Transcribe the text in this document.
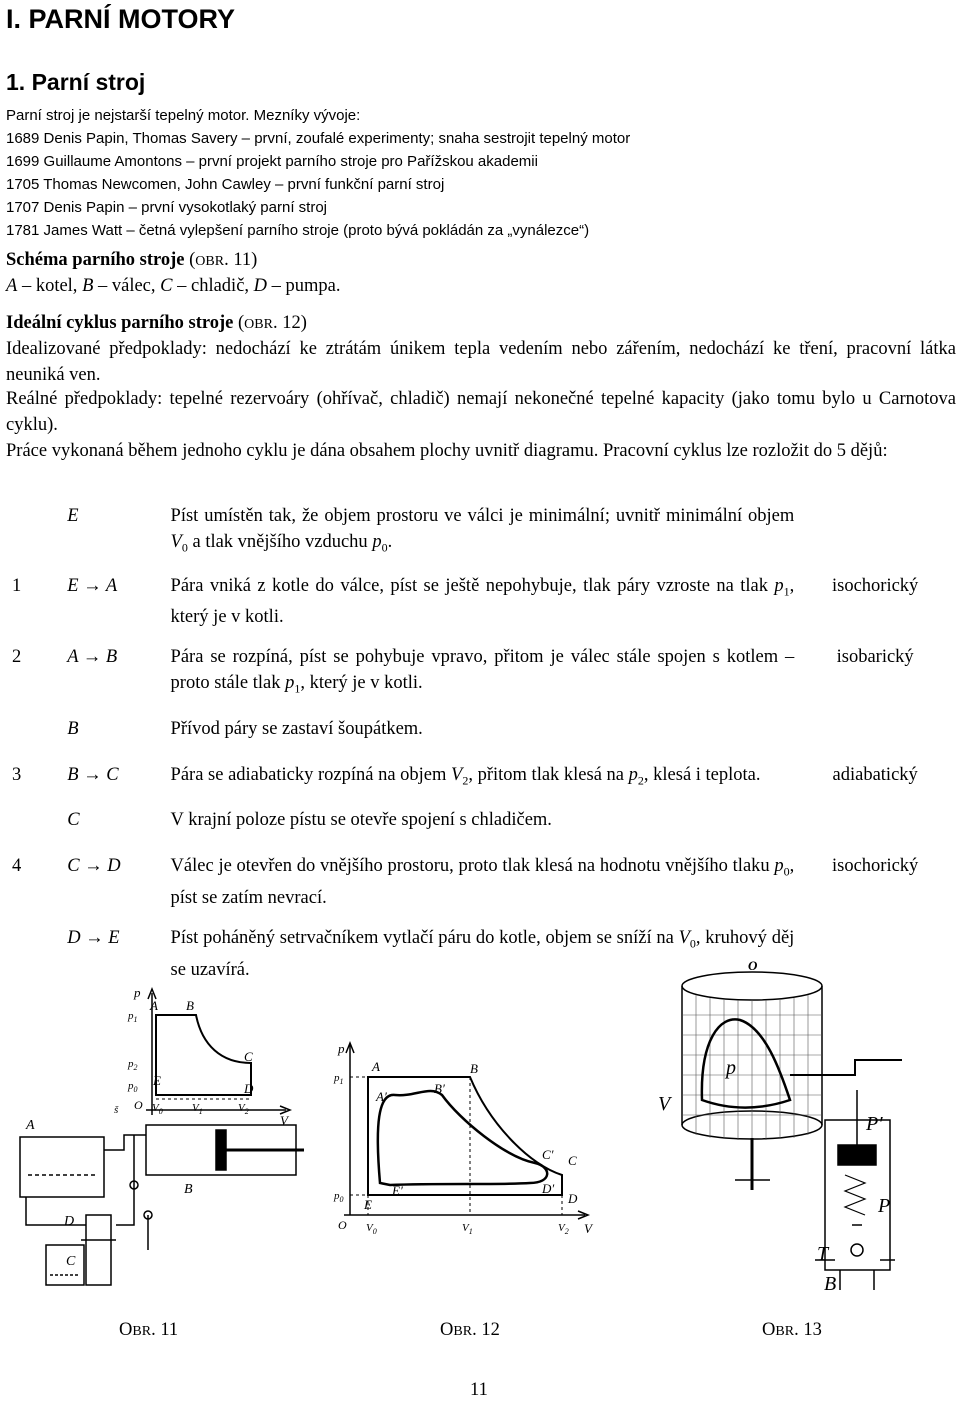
I. PARNÍ MOTORY
1. Parní stroj
Parní stroj je nejstarší tepelný motor. Mezníky vývoje:
1689 Denis Papin, Thomas Savery – první, zoufalé experimenty; snaha sestrojit tepelný motor
1699 Guillaume Amontons – první projekt parního stroje pro Pařížskou akademii
1705 Thomas Newcomen, John Cawley – první funkční parní stroj
1707 Denis Papin – první vysokotlaký parní stroj
1781 James Watt – četná vylepšení parního stroje (proto bývá pokládán za „vynálezce“)
Schéma parního stroje (OBR. 11)
A – kotel, B – válec, C – chladič, D – pumpa.
Ideální cyklus parního stroje (OBR. 12)
Idealizované předpoklady: nedochází ke ztrátám únikem tepla vedením nebo zářením, nedochází ke tření, pracovní látka neuniká ven.
Reálné předpoklady: tepelné rezervoáry (ohřívač, chladič) nemají nekonečné tepelné kapacity (jako tomu bylo u Carnotova cyklu).
Práce vykonaná během jednoho cyklu je dána obsahem plochy uvnitř diagramu. Pracovní cyklus lze rozložit do 5 dějů:
	E	Píst umístěn tak, že objem prostoru ve válci je minimální; uvnitř minimální objem $V_0$ a tlak vnějšího vzduchu $p_0$.	
1	E → A	Pára vniká z kotle do válce, píst se ještě nepohybuje, tlak páry vzroste na tlak $p_1$, který je v kotli.	isochorický
2	A → B	Pára se rozpíná, píst se pohybuje vpravo, přitom je válec stále spojen s kotlem – proto stále tlak $p_1$, který je v kotli.	isobarický
	B	Přívod páry se zastaví šoupátkem.	
3	B → C	Pára se adiabaticky rozpíná na objem $V_2$, přitom tlak klesá na $p_2$, klesá i teplota.	adiabatický
	C	V krajní poloze pístu se otevře spojení s chladičem.	
4	C → D	Válec je otevřen do vnějšího prostoru, proto tlak klesá na hodnotu vnějšího tlaku $p_0$, píst se zatím nevrací.	isochorický
	D → E	Píst poháněný setrvačníkem vytlačí páru do kotle, objem se sníží na $V_0$, kruhový děj se uzavírá.	
p
$p_1$
$p_2$
$p_0$
A B
C
D
E
O $V_0$	$V_1$	$V_2$
V
A
B
C
D
š
p
$p_1$
$p_0$
A
A′
B′
B
C′ C
D′
D
E
E′
O $V_0$	$V_1$	$V_2$ V
O
p
V
P′
P
T
B
OBR. 11	OBR. 12	OBR. 13
11
